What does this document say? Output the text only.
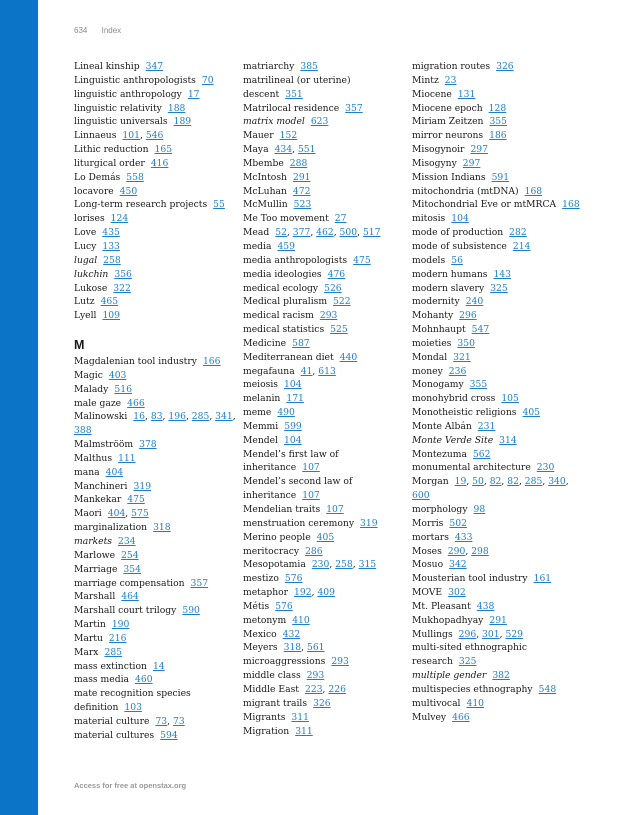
634 Index
Lineal kinship 347
Linguistic anthropologists 70
linguistic anthropology 17
linguistic relativity 188
linguistic universals 189
Linnaeus 101, 546
Lithic reduction 165
liturgical order 416
Lo Demás 558
locavore 450
Long-term research projects 55
lorises 124
Love 435
Lucy 133
lugal 258
lukchin 356
Lukose 322
Lutz 465
Lyell 109
M
Magdalenian tool industry 166
Magic 403
Malady 516
male gaze 466
Malinowski 16, 83, 196, 285, 341, 388
Malmströöm 378
Malthus 111
mana 404
Manchineri 319
Mankekar 475
Maori 404, 575
marginalization 318
markets 234
Marlowe 254
Marriage 354
marriage compensation 357
Marshall 464
Marshall court trilogy 590
Martin 190
Martu 216
Marx 285
mass extinction 14
mass media 460
mate recognition species definition 103
material culture 73, 73
material cultures 594
matriarchy 385
matrilineal (or uterine) descent 351
Matrilocal residence 357
matrix model 623
Mauer 152
Maya 434, 551
Mbembe 288
McIntosh 291
McLuhan 472
McMullin 523
Me Too movement 27
Mead 52, 377, 462, 500, 517
media 459
media anthropologists 475
media ideologies 476
medical ecology 526
Medical pluralism 522
medical racism 293
medical statistics 525
Medicine 587
Mediterranean diet 440
megafauna 41, 613
meiosis 104
melanin 171
meme 490
Memmi 599
Mendel 104
Mendel’s first law of inheritance 107
Mendel’s second law of inheritance 107
Mendelian traits 107
menstruation ceremony 319
Merino people 405
meritocracy 286
Mesopotamia 230, 258, 315
mestizo 576
metaphor 192, 409
Métis 576
metonym 410
Mexico 432
Meyers 318, 561
microaggressions 293
middle class 293
Middle East 223, 226
migrant trails 326
Migrants 311
Migration 311
migration routes 326
Mintz 23
Miocene 131
Miocene epoch 128
Miriam Zeitzen 355
mirror neurons 186
Misogynoir 297
Misogyny 297
Mission Indians 591
mitochondria (mtDNA) 168
Mitochondrial Eve or mtMRCA 168
mitosis 104
mode of production 282
mode of subsistence 214
models 56
modern humans 143
modern slavery 325
modernity 240
Mohanty 296
Mohnhaupt 547
moieties 350
Mondal 321
money 236
Monogamy 355
monohybrid cross 105
Monotheistic religions 405
Monte Albán 231
Monte Verde Site 314
Montezuma 562
monumental architecture 230
Morgan 19, 50, 82, 82, 285, 340, 600
morphology 98
Morris 502
mortars 433
Moses 290, 298
Mosuo 342
Mousterian tool industry 161
MOVE 302
Mt. Pleasant 438
Mukhopadhyay 291
Mullings 296, 301, 529
multi-sited ethnographic research 325
multiple gender 382
multispecies ethnography 548
multivocal 410
Mulvey 466
Access for free at openstax.org
